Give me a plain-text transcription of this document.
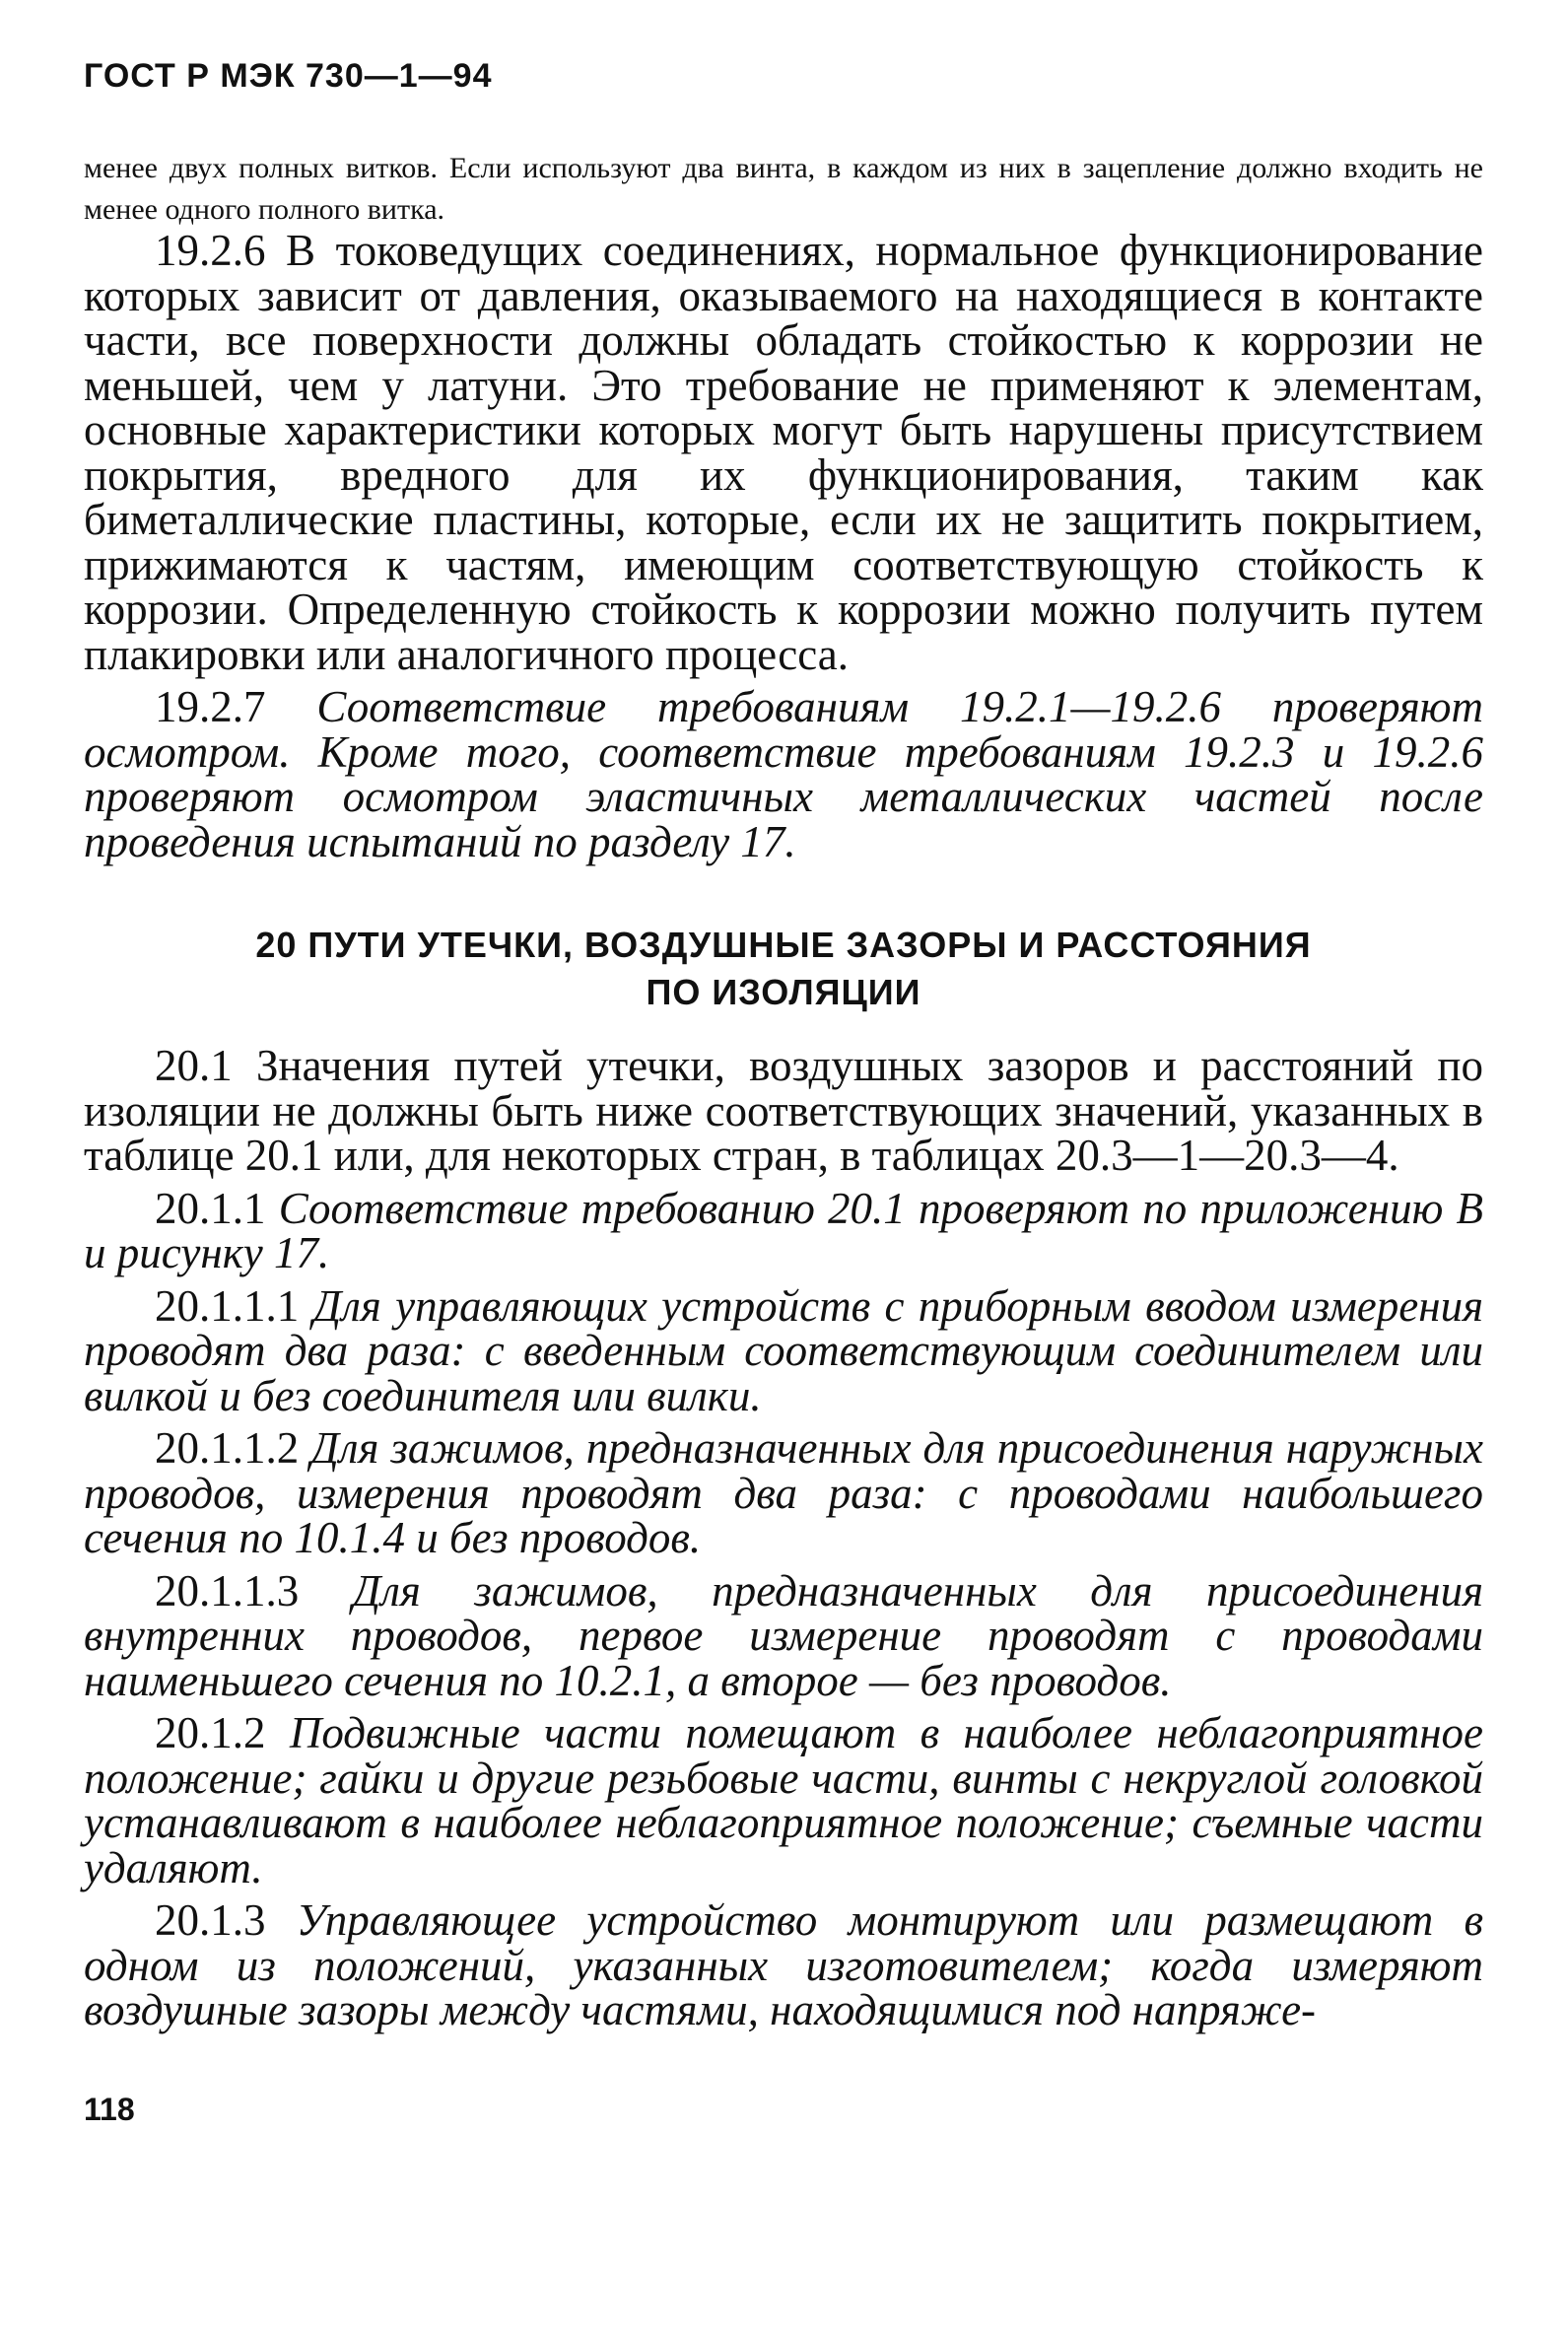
ГОСТ Р МЭК 730—1—94
менее двух полных витков. Если используют два винта, в каждом из них в зацепление должно входить не менее одного полного витка.

19.2.6 В токоведущих соединениях, нормальное функционирование которых зависит от давления, оказываемого на находящиеся в контакте части, все поверхности должны обладать стойкостью к коррозии не меньшей, чем у латуни. Это требование не применяют к элементам, основные характеристики которых могут быть нарушены присутствием покрытия, вредного для их функционирования, таким как биметаллические пластины, которые, если их не защитить покрытием, прижимаются к частям, имеющим соответствующую стойкость к коррозии. Определенную стойкость к коррозии можно получить путем плакировки или аналогичного процесса.

19.2.7 Соответствие требованиям 19.2.1—19.2.6 проверяют осмотром. Кроме того, соответствие требованиям 19.2.3 и 19.2.6 проверяют осмотром эластичных металлических частей после проведения испытаний по разделу 17.

20 ПУТИ УТЕЧКИ, ВОЗДУШНЫЕ ЗАЗОРЫ И РАССТОЯНИЯ
ПО ИЗОЛЯЦИИ

20.1 Значения путей утечки, воздушных зазоров и расстояний по изоляции не должны быть ниже соответствующих значений, указанных в таблице 20.1 или, для некоторых стран, в таблицах 20.3—1—20.3—4.

20.1.1 Соответствие требованию 20.1 проверяют по приложению В и рисунку 17.

20.1.1.1 Для управляющих устройств с приборным вводом измерения проводят два раза: с введенным соответствующим соединителем или вилкой и без соединителя или вилки.

20.1.1.2 Для зажимов, предназначенных для присоединения наружных проводов, измерения проводят два раза: с проводами наибольшего сечения по 10.1.4 и без проводов.

20.1.1.3 Для зажимов, предназначенных для присоединения внутренних проводов, первое измерение проводят с проводами наименьшего сечения по 10.2.1, а второе — без проводов.

20.1.2 Подвижные части помещают в наиболее неблагоприятное положение; гайки и другие резьбовые части, винты с некруглой головкой устанавливают в наиболее неблагоприятное положение; съемные части удаляют.

20.1.3 Управляющее устройство монтируют или размещают в одном из положений, указанных изготовителем; когда измеряют воздушные зазоры между частями, находящимися под напряже-

118
